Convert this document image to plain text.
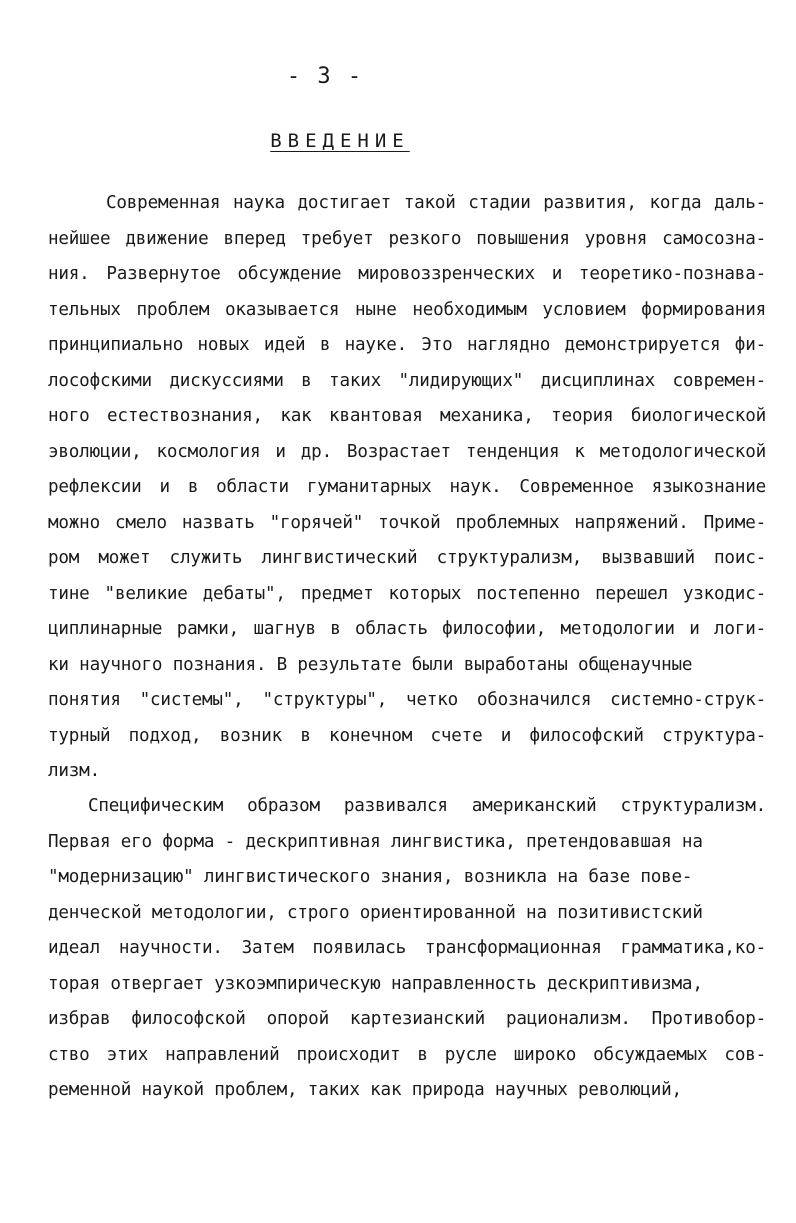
- 3 -
ВВЕДЕНИЕ
Современная наука достигает такой стадии развития, когда даль-
нейшее движение вперед требует резкого повышения уровня самосозна-
ния. Развернутое обсуждение мировоззренческих и теоретико-познава-
тельных проблем оказывается ныне необходимым условием формирования
принципиально новых идей в науке. Это наглядно демонстрируется фи-
лософскими дискуссиями в таких "лидирующих" дисциплинах современ-
ного естествознания, как квантовая механика, теория биологической
эволюции, космология и др. Возрастает тенденция к методологической
рефлексии и в области гуманитарных наук. Современное языкознание
можно смело назвать "горячей" точкой проблемных напряжений. Приме-
ром может служить лингвистический структурализм, вызвавший поис-
тине "великие дебаты", предмет которых постепенно перешел узкодис-
циплинарные рамки, шагнув в область философии, методологии и логи-
ки научного познания. В результате были выработаны общенаучные
понятия "системы", "структуры", четко обозначился системно-струк-
турный подход, возник в конечном счете и философский структура-
лизм.
Специфическим образом развивался американский структурализм.
Первая его форма - дескриптивная лингвистика, претендовавшая на
"модернизацию" лингвистического знания, возникла на базе пове-
денческой методологии, строго ориентированной на позитивистский
идеал научности. Затем появилась трансформационная грамматика,ко-
торая отвергает узкоэмпирическую направленность дескриптивизма,
избрав философской опорой картезианский рационализм. Противобор-
ство этих направлений происходит в русле широко обсуждаемых сов-
ременной наукой проблем, таких как природа научных революций,
